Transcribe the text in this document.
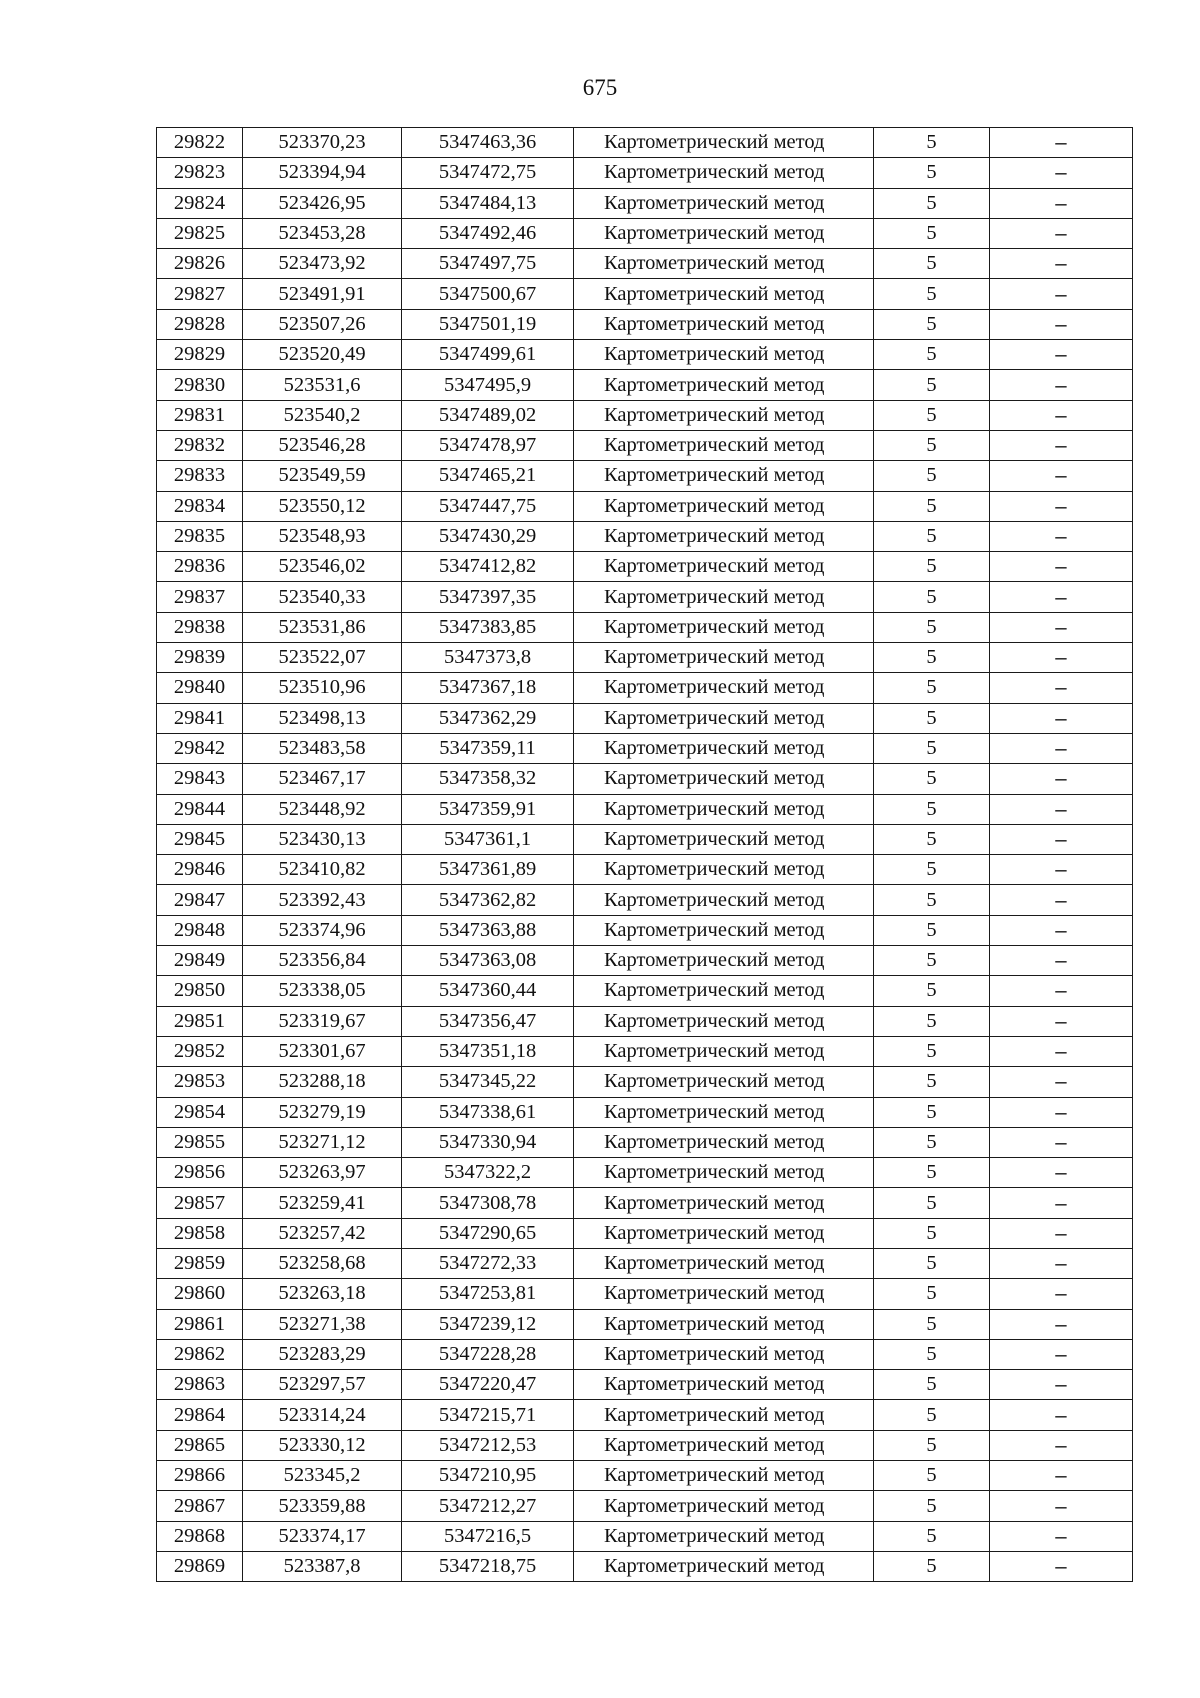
675
29822	523370,23	5347463,36	Картометрический метод	5	–
29823	523394,94	5347472,75	Картометрический метод	5	–
29824	523426,95	5347484,13	Картометрический метод	5	–
29825	523453,28	5347492,46	Картометрический метод	5	–
29826	523473,92	5347497,75	Картометрический метод	5	–
29827	523491,91	5347500,67	Картометрический метод	5	–
29828	523507,26	5347501,19	Картометрический метод	5	–
29829	523520,49	5347499,61	Картометрический метод	5	–
29830	523531,6	5347495,9	Картометрический метод	5	–
29831	523540,2	5347489,02	Картометрический метод	5	–
29832	523546,28	5347478,97	Картометрический метод	5	–
29833	523549,59	5347465,21	Картометрический метод	5	–
29834	523550,12	5347447,75	Картометрический метод	5	–
29835	523548,93	5347430,29	Картометрический метод	5	–
29836	523546,02	5347412,82	Картометрический метод	5	–
29837	523540,33	5347397,35	Картометрический метод	5	–
29838	523531,86	5347383,85	Картометрический метод	5	–
29839	523522,07	5347373,8	Картометрический метод	5	–
29840	523510,96	5347367,18	Картометрический метод	5	–
29841	523498,13	5347362,29	Картометрический метод	5	–
29842	523483,58	5347359,11	Картометрический метод	5	–
29843	523467,17	5347358,32	Картометрический метод	5	–
29844	523448,92	5347359,91	Картометрический метод	5	–
29845	523430,13	5347361,1	Картометрический метод	5	–
29846	523410,82	5347361,89	Картометрический метод	5	–
29847	523392,43	5347362,82	Картометрический метод	5	–
29848	523374,96	5347363,88	Картометрический метод	5	–
29849	523356,84	5347363,08	Картометрический метод	5	–
29850	523338,05	5347360,44	Картометрический метод	5	–
29851	523319,67	5347356,47	Картометрический метод	5	–
29852	523301,67	5347351,18	Картометрический метод	5	–
29853	523288,18	5347345,22	Картометрический метод	5	–
29854	523279,19	5347338,61	Картометрический метод	5	–
29855	523271,12	5347330,94	Картометрический метод	5	–
29856	523263,97	5347322,2	Картометрический метод	5	–
29857	523259,41	5347308,78	Картометрический метод	5	–
29858	523257,42	5347290,65	Картометрический метод	5	–
29859	523258,68	5347272,33	Картометрический метод	5	–
29860	523263,18	5347253,81	Картометрический метод	5	–
29861	523271,38	5347239,12	Картометрический метод	5	–
29862	523283,29	5347228,28	Картометрический метод	5	–
29863	523297,57	5347220,47	Картометрический метод	5	–
29864	523314,24	5347215,71	Картометрический метод	5	–
29865	523330,12	5347212,53	Картометрический метод	5	–
29866	523345,2	5347210,95	Картометрический метод	5	–
29867	523359,88	5347212,27	Картометрический метод	5	–
29868	523374,17	5347216,5	Картометрический метод	5	–
29869	523387,8	5347218,75	Картометрический метод	5	–
